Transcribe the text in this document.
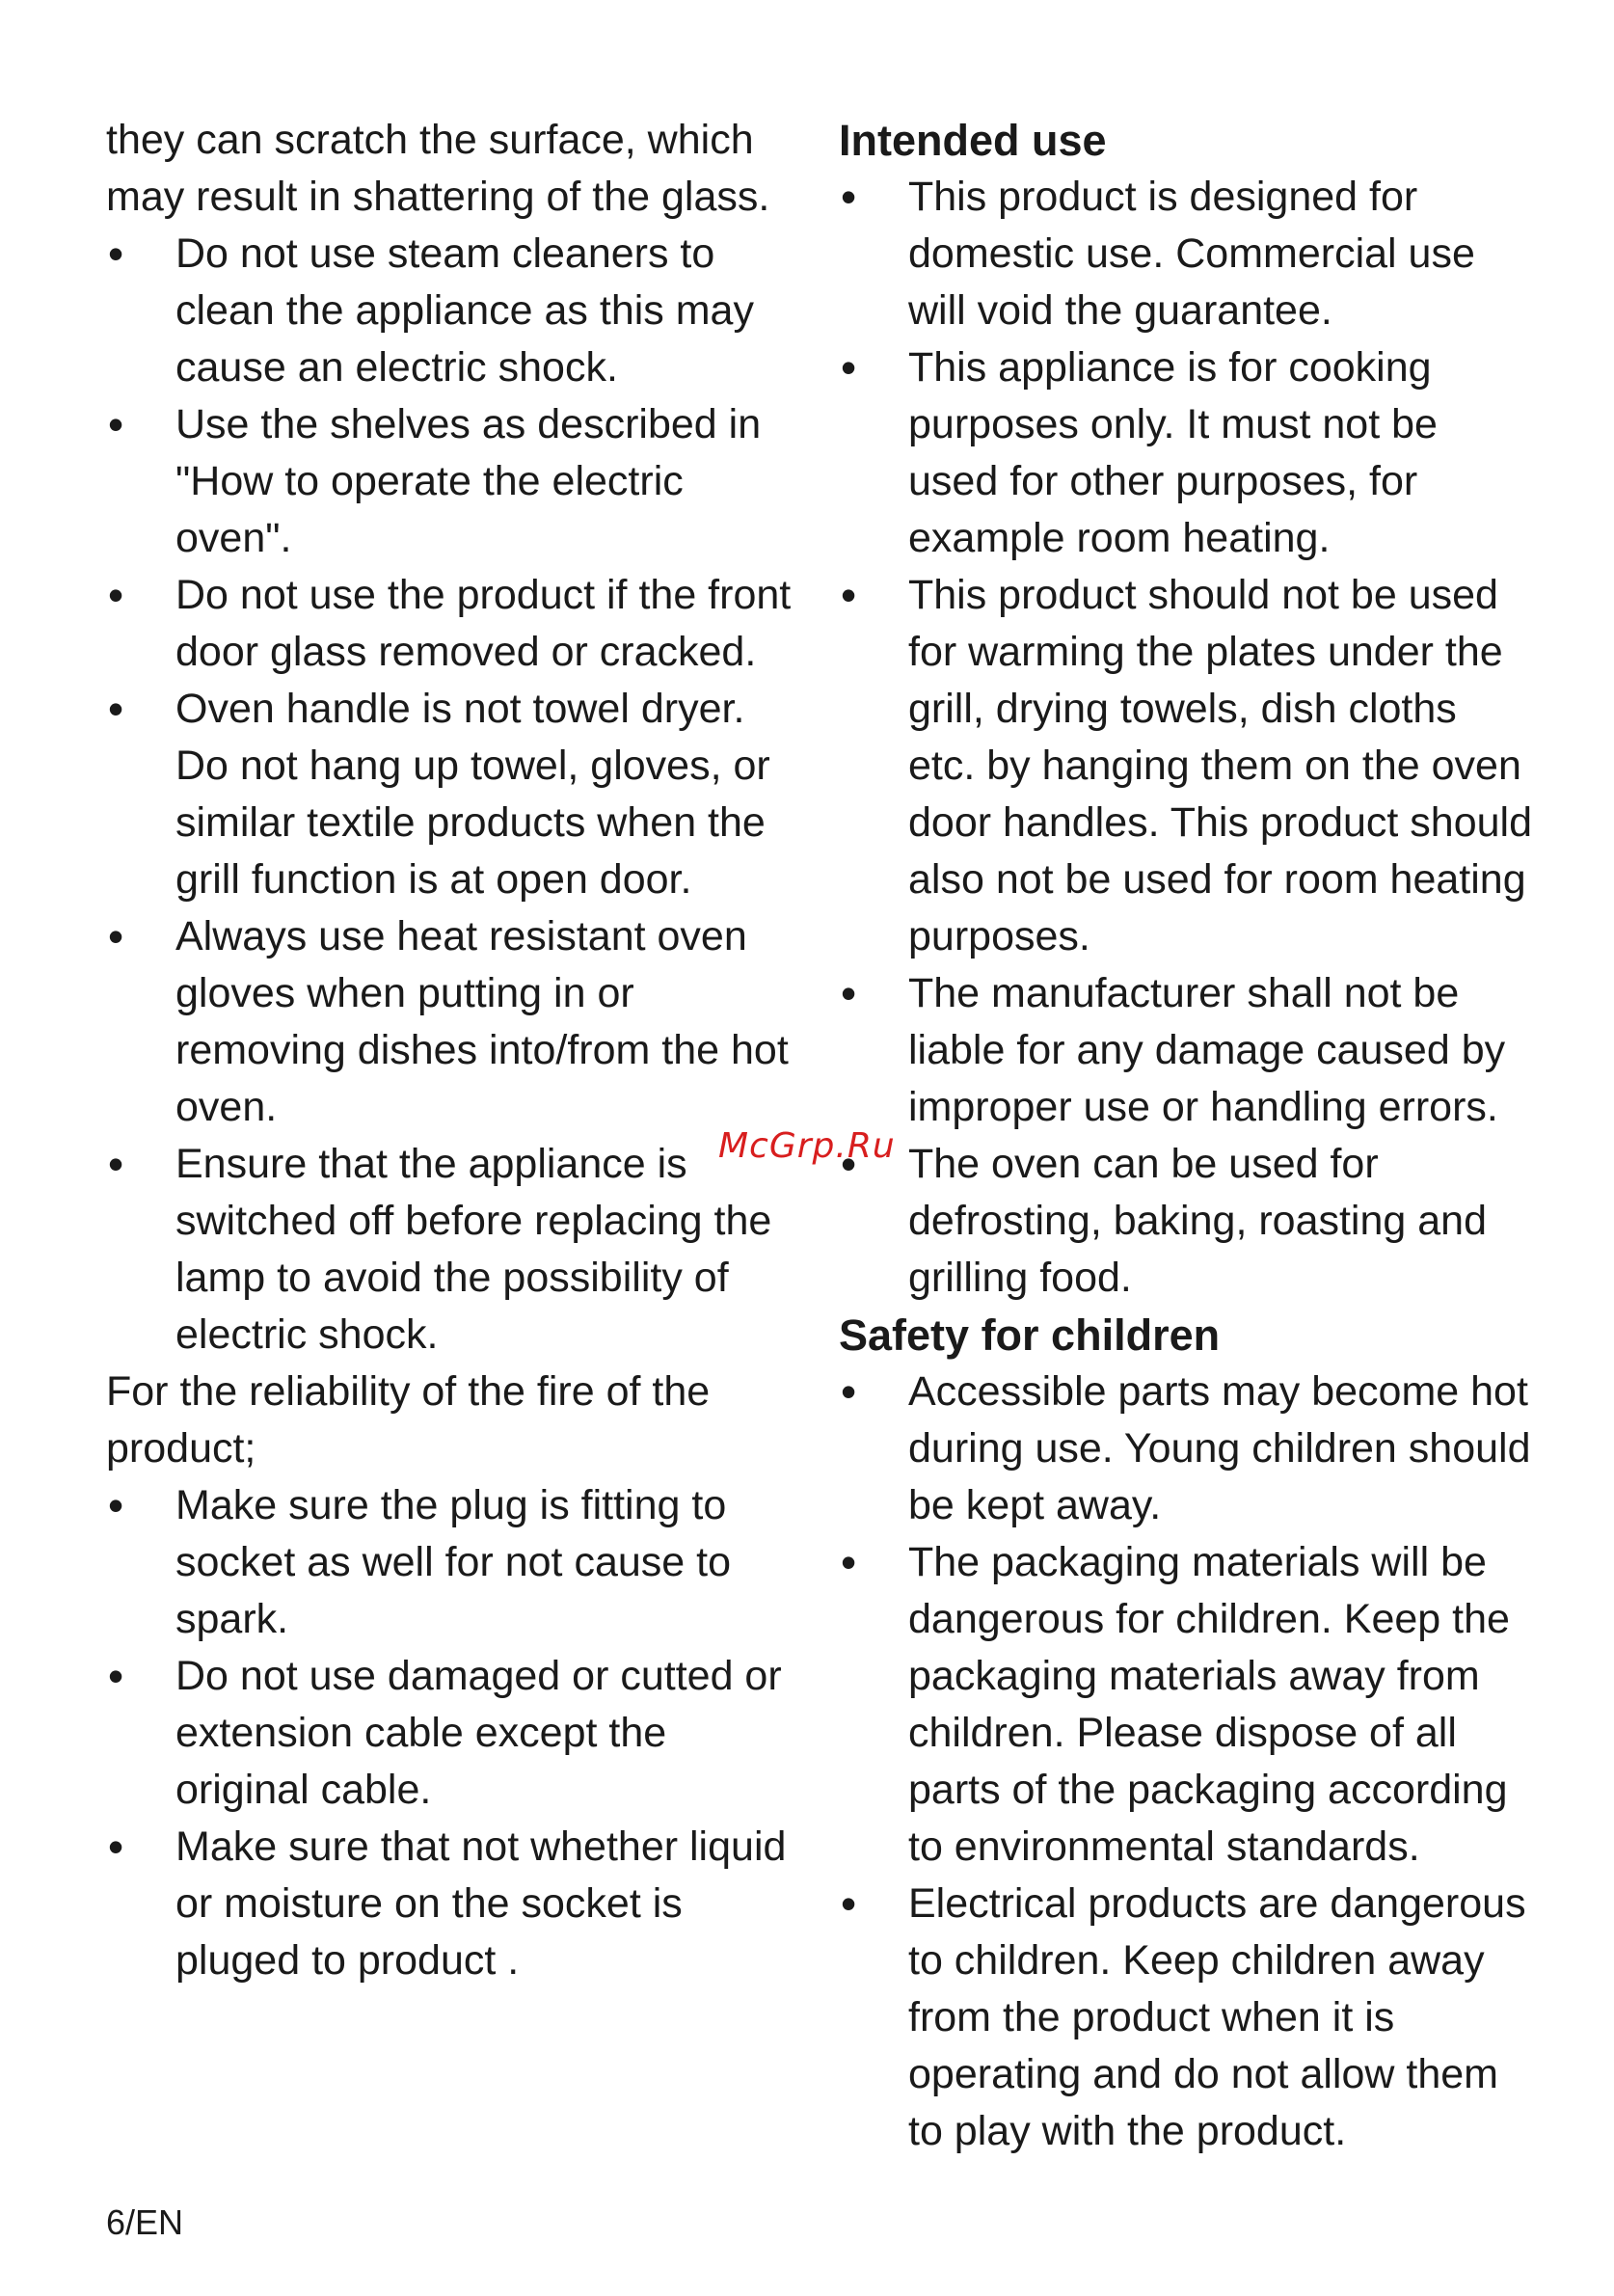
they can scratch the surface, which may result in shattering of the glass.

• Do not use steam cleaners to clean the appliance as this may cause an electric shock.
• Use the shelves as described in "How to operate the electric oven".
• Do not use the product if the front door glass removed or cracked.
• Oven handle is not towel dryer. Do not hang up towel, gloves, or similar textile products when the grill function is at open door.
• Always use heat resistant oven gloves when putting in or removing dishes into/from the hot oven.
• Ensure that the appliance is switched off before replacing the lamp to avoid the possibility of electric shock.

For the reliability of the fire of the product;

• Make sure the plug is fitting to socket as well for not cause to spark.
• Do not use damaged or cutted or extension cable except the original cable.
• Make sure that not whether liquid or moisture on the socket is pluged to product .
Intended use
• This product is designed for domestic use. Commercial use will void the guarantee.
• This appliance is for cooking purposes only. It must not be used for other purposes, for example room heating.
• This product should not be used for warming the plates under the grill, drying towels, dish cloths etc. by hanging them on the oven door handles. This product should also not be used for room heating purposes.
• The manufacturer shall not be liable for any damage caused by improper use or handling errors.
• The oven can be used for defrosting, baking, roasting and grilling food.
Safety for children
• Accessible parts may become hot during use. Young children should be kept away.
• The packaging materials will be dangerous for children. Keep the packaging materials away from children. Please dispose of all parts of the packaging according to environmental standards.
• Electrical products are dangerous to children. Keep children away from the product when it is operating and do not allow them to play with the product.
McGrp.Ru
6/EN
